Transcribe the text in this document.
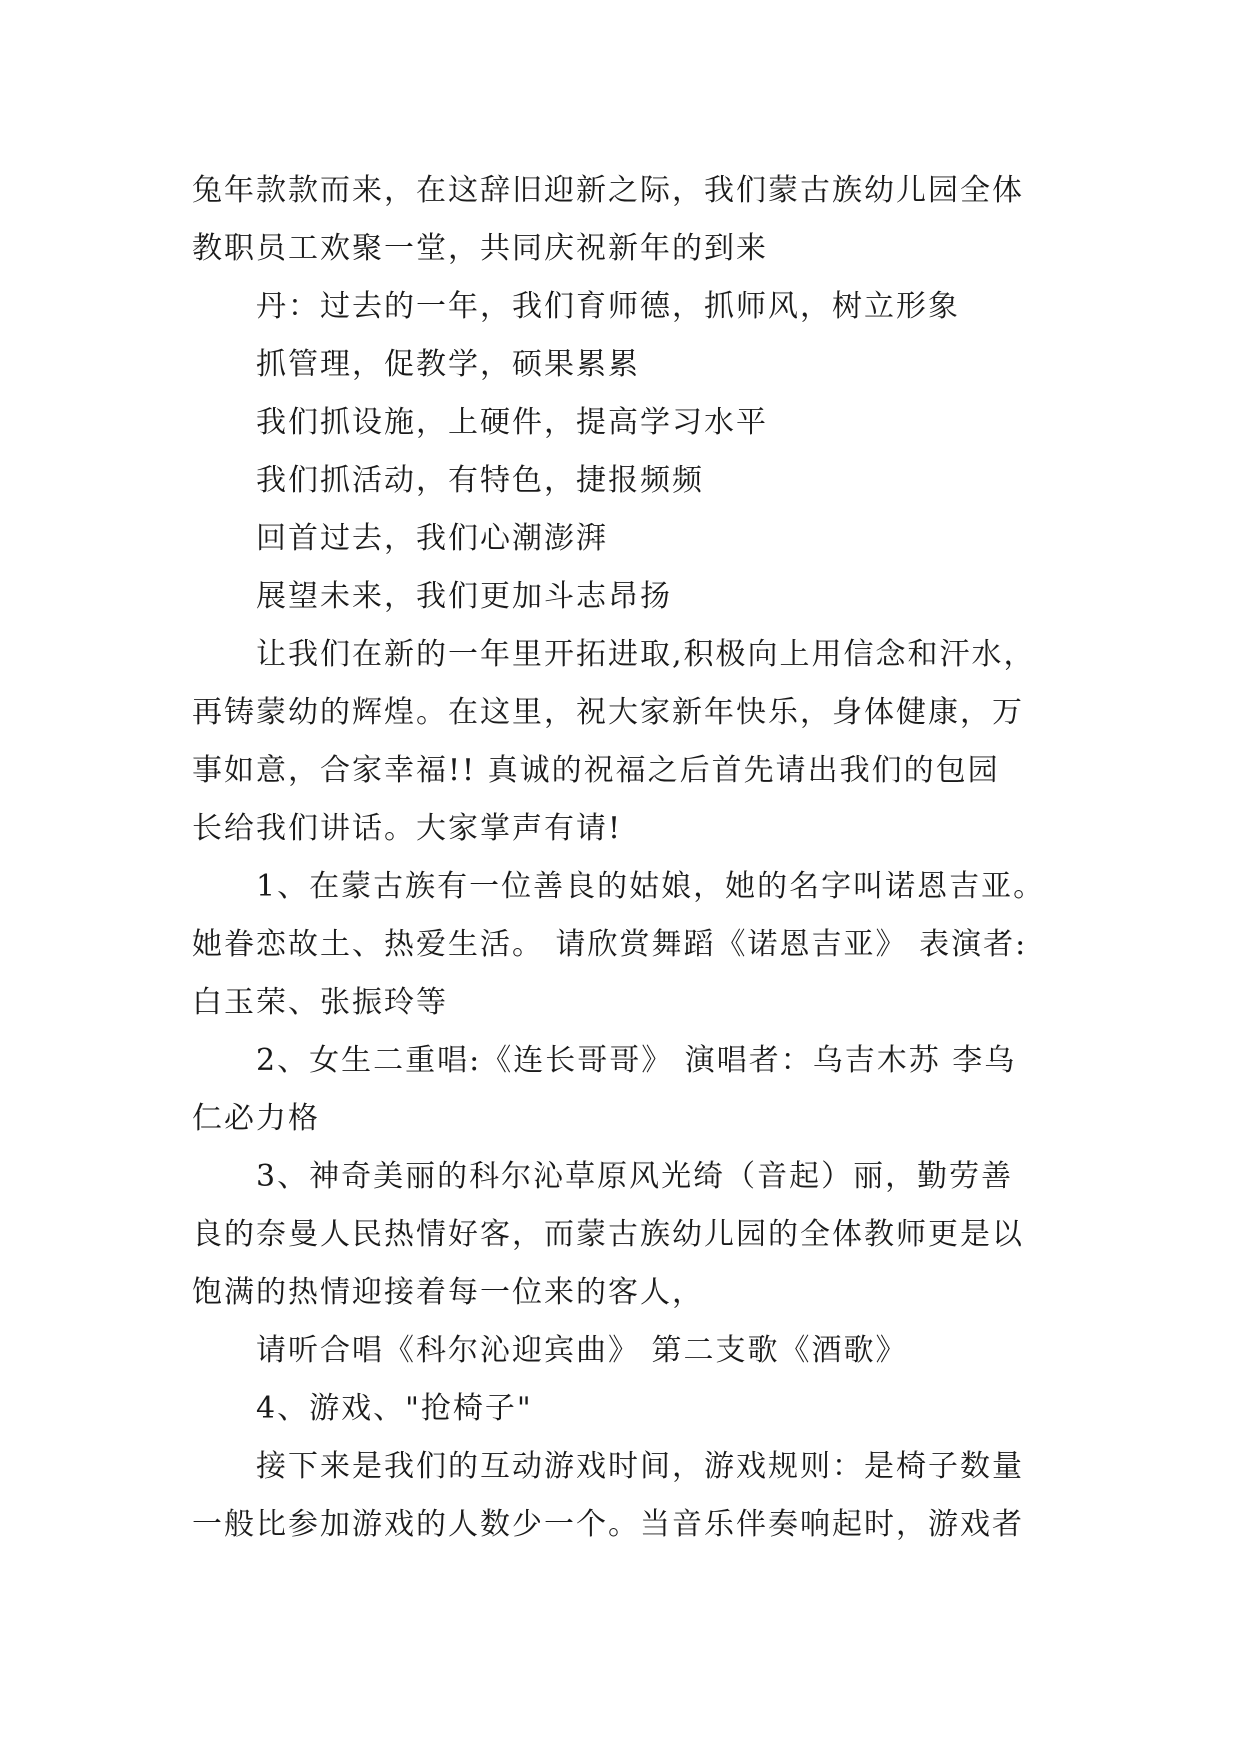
兔年款款而来，在这辞旧迎新之际，我们蒙古族幼儿园全体
教职员工欢聚一堂，共同庆祝新年的到来
丹：过去的一年，我们育师德，抓师风，树立形象
抓管理，促教学，硕果累累
我们抓设施，上硬件，提高学习水平
我们抓活动，有特色，捷报频频
回首过去，我们心潮澎湃
展望未来，我们更加斗志昂扬
让我们在新的一年里开拓进取,积极向上用信念和汗水，
再铸蒙幼的辉煌。在这里，祝大家新年快乐，身体健康，万
事如意，合家幸福!! 真诚的祝福之后首先请出我们的包园
长给我们讲话。大家掌声有请!
1、在蒙古族有一位善良的姑娘，她的名字叫诺恩吉亚。
她眷恋故土、热爱生活。 请欣赏舞蹈《诺恩吉亚》 表演者:
白玉荣、张振玲等
2、女生二重唱:《连长哥哥》 演唱者：乌吉木苏 李乌
仁必力格
3、神奇美丽的科尔沁草原风光绮（音起）丽，勤劳善
良的奈曼人民热情好客，而蒙古族幼儿园的全体教师更是以
饱满的热情迎接着每一位来的客人，
请听合唱《科尔沁迎宾曲》 第二支歌《酒歌》
4、游戏、"抢椅子"
接下来是我们的互动游戏时间，游戏规则：是椅子数量
一般比参加游戏的人数少一个。当音乐伴奏响起时，游戏者
